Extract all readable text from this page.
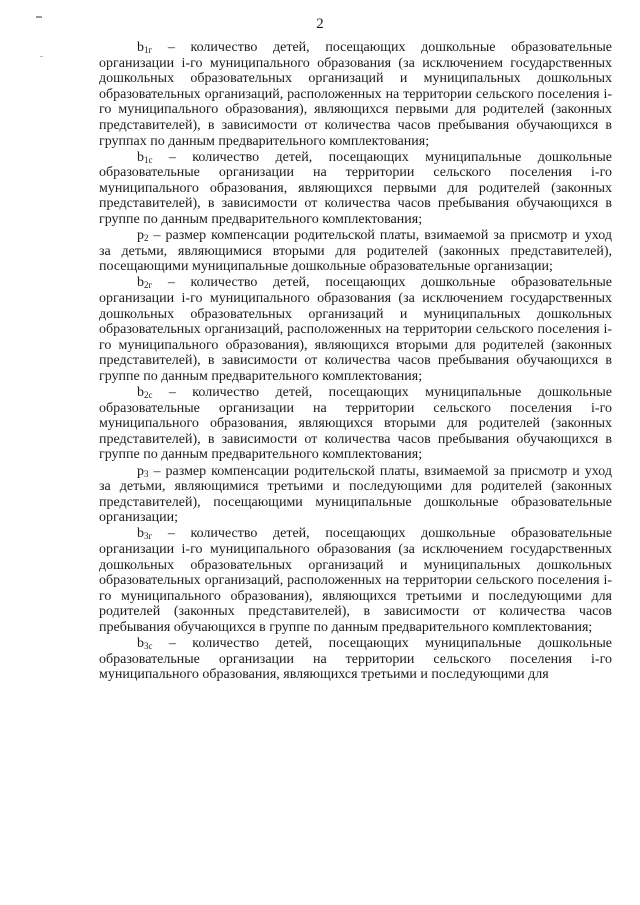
2

$b_{1г}$ – количество детей, посещающих дошкольные образовательные организации i-го муниципального образования (за исключением государственных дошкольных образовательных организаций и муниципальных дошкольных образовательных организаций, расположенных на территории сельского поселения i-го муниципального образования), являющихся первыми для родителей (законных представителей), в зависимости от количества часов пребывания обучающихся в группах по данным предварительного комплектования;

$b_{1с}$ – количество детей, посещающих муниципальные дошкольные образовательные организации на территории сельского поселения i-го муниципального образования, являющихся первыми для родителей (законных представителей), в зависимости от количества часов пребывания обучающихся в группе по данным предварительного комплектования;

$p_2$ – размер компенсации родительской платы, взимаемой за присмотр и уход за детьми, являющимися вторыми для родителей (законных представителей), посещающими муниципальные дошкольные образовательные организации;

$b_{2г}$ – количество детей, посещающих дошкольные образовательные организации i-го муниципального образования (за исключением государственных дошкольных образовательных организаций и муниципальных дошкольных образовательных организаций, расположенных на территории сельского поселения i-го муниципального образования), являющихся вторыми для родителей (законных представителей), в зависимости от количества часов пребывания обучающихся в группе по данным предварительного комплектования;

$b_{2с}$ – количество детей, посещающих муниципальные дошкольные образовательные организации на территории сельского поселения i-го муниципального образования, являющихся вторыми для родителей (законных представителей), в зависимости от количества часов пребывания обучающихся в группе по данным предварительного комплектования;

$p_3$ – размер компенсации родительской платы, взимаемой за присмотр и уход за детьми, являющимися третьими и последующими для родителей (законных представителей), посещающими муниципальные дошкольные образовательные организации;

$b_{3г}$ – количество детей, посещающих дошкольные образовательные организации i-го муниципального образования (за исключением государственных дошкольных образовательных организаций и муниципальных дошкольных образовательных организаций, расположенных на территории сельского поселения i-го муниципального образования), являющихся третьими и последующими для родителей (законных представителей), в зависимости от количества часов пребывания обучающихся в группе по данным предварительного комплектования;

$b_{3с}$ – количество детей, посещающих муниципальные дошкольные образовательные организации на территории сельского поселения i-го муниципального образования, являющихся третьими и последующими для
